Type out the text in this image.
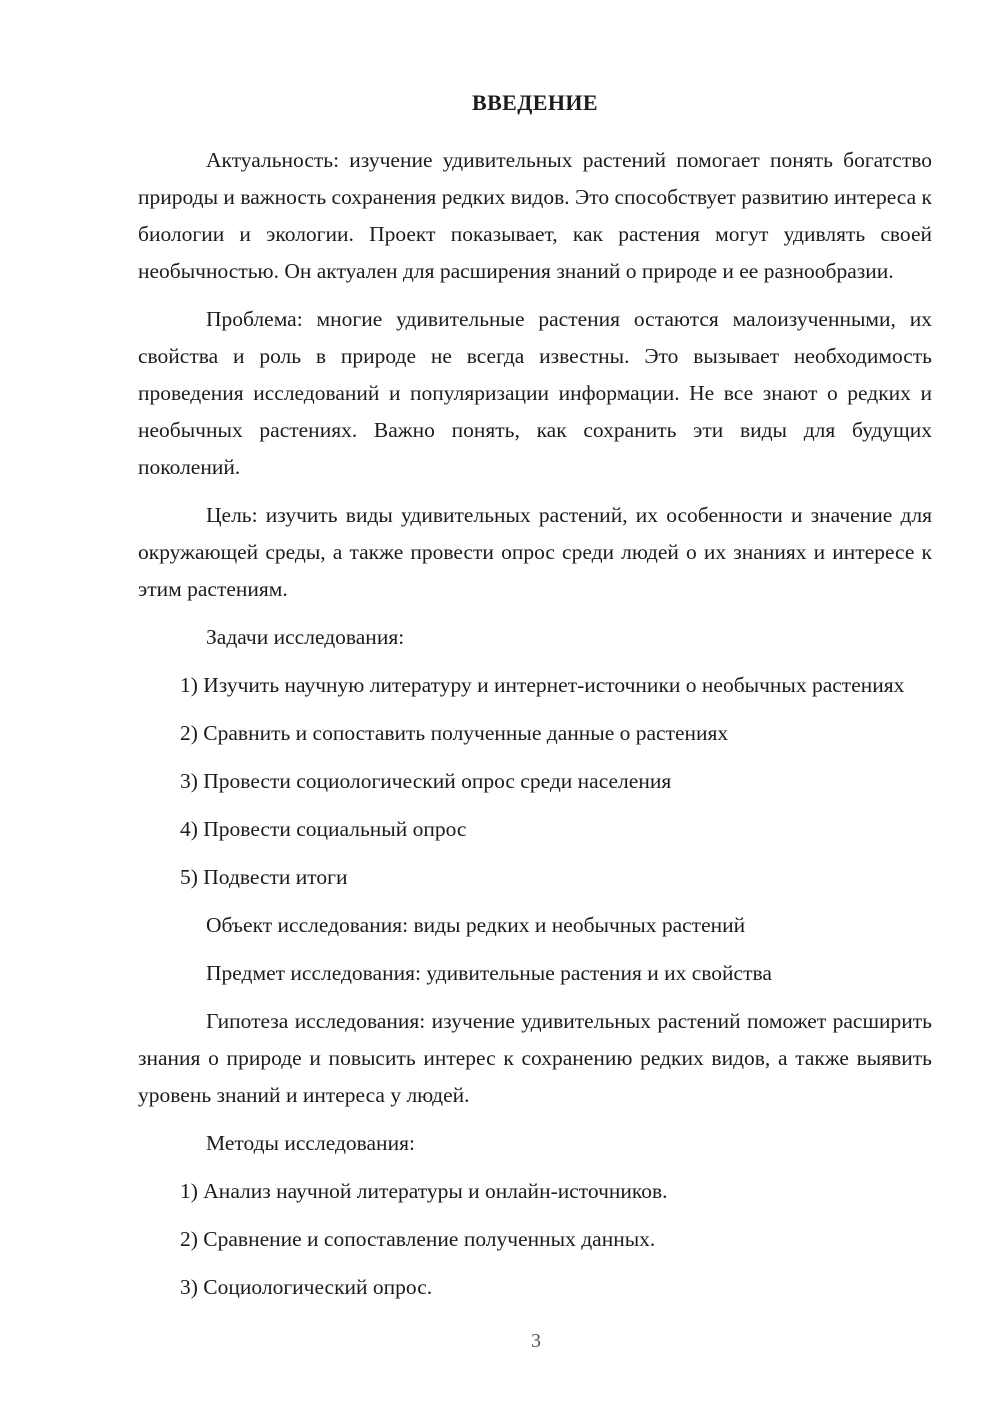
ВВЕДЕНИЕ

Актуальность: изучение удивительных растений помогает понять богатство природы и важность сохранения редких видов. Это способствует развитию интереса к биологии и экологии. Проект показывает, как растения могут удивлять своей необычностью. Он актуален для расширения знаний о природе и ее разнообразии.

Проблема: многие удивительные растения остаются малоизученными, их свойства и роль в природе не всегда известны. Это вызывает необходимость проведения исследований и популяризации информации. Не все знают о редких и необычных растениях. Важно понять, как сохранить эти виды для будущих поколений.

Цель: изучить виды удивительных растений, их особенности и значение для окружающей среды, а также провести опрос среди людей о их знаниях и интересе к этим растениям.

Задачи исследования:

1) Изучить научную литературу и интернет-источники о необычных растениях

2) Сравнить и сопоставить полученные данные о растениях

3) Провести социологический опрос среди населения

4) Провести социальный опрос

5) Подвести итоги

Объект исследования: виды редких и необычных растений

Предмет исследования: удивительные растения и их свойства

Гипотеза исследования: изучение удивительных растений поможет расширить знания о природе и повысить интерес к сохранению редких видов, а также выявить уровень знаний и интереса у людей.

Методы исследования:

1) Анализ научной литературы и онлайн-источников.

2) Сравнение и сопоставление полученных данных.

3) Социологический опрос.

3
